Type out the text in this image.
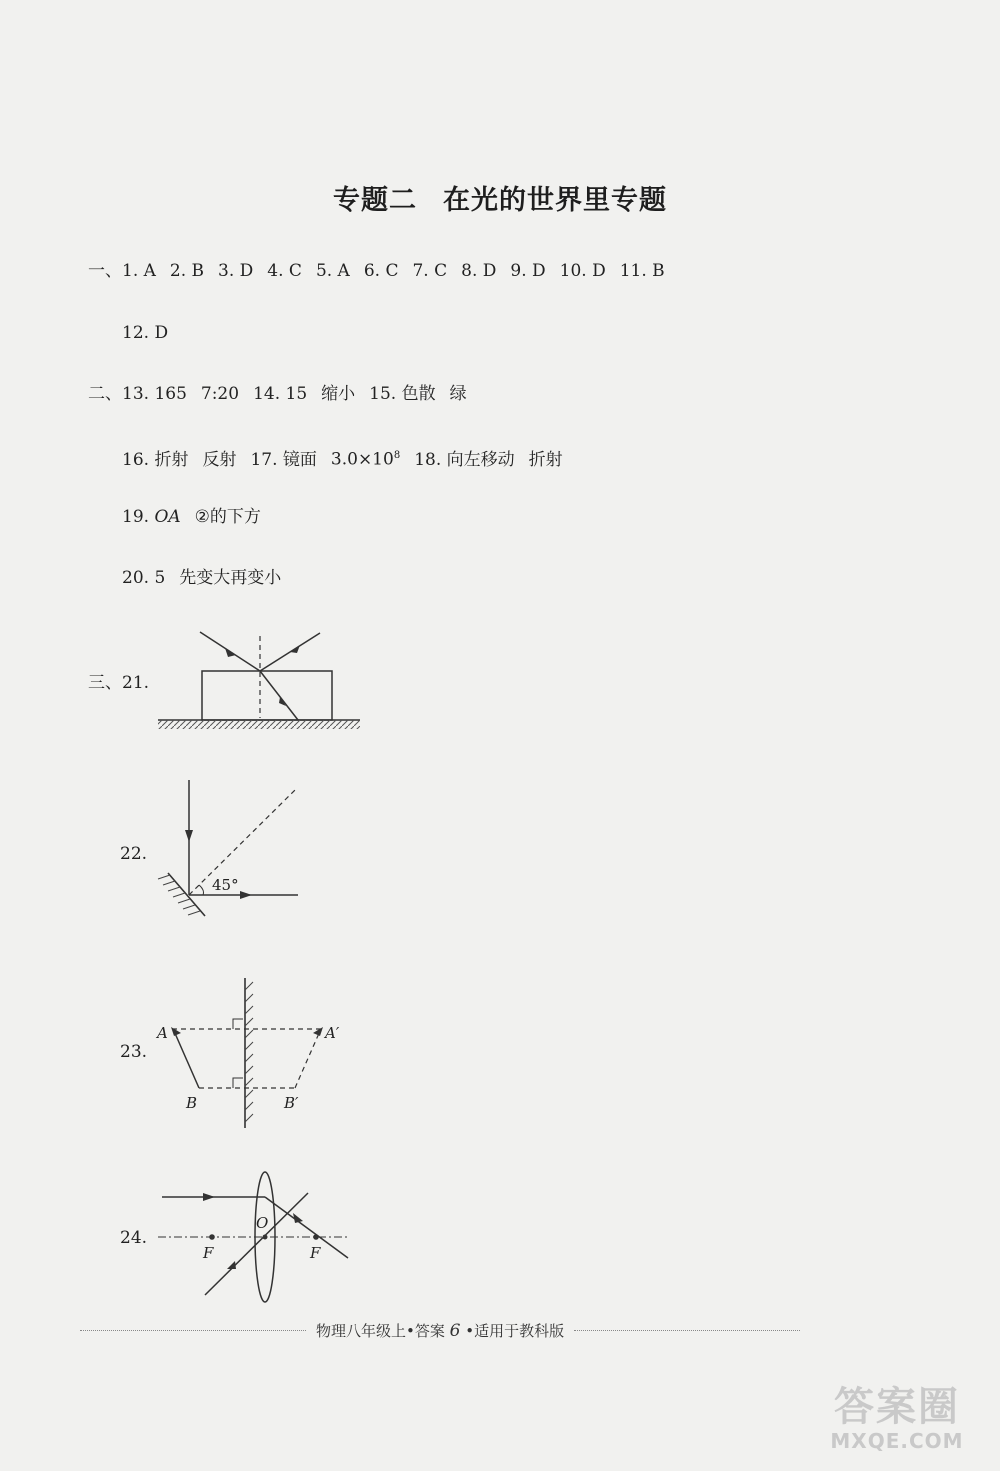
专题二 在光的世界里专题
一、1. A 2. B 3. D 4. C 5. A 6. C 7. C 8. D 9. D 10. D 11. B
12. D
二、13. 165 7:20 14. 15 缩小 15. 色散 绿
16. 折射 反射 17. 镜面 $3.0\times 10^8$ 18. 向左移动 折射
19. OA ②的下方
20. 5 先变大再变小
三、21.
22.
23.
24.
45°
A	A′
B	B′
O
F	F
物理八年级上•答案 6 •适用于教科版
答案圈
MXQE.COM
